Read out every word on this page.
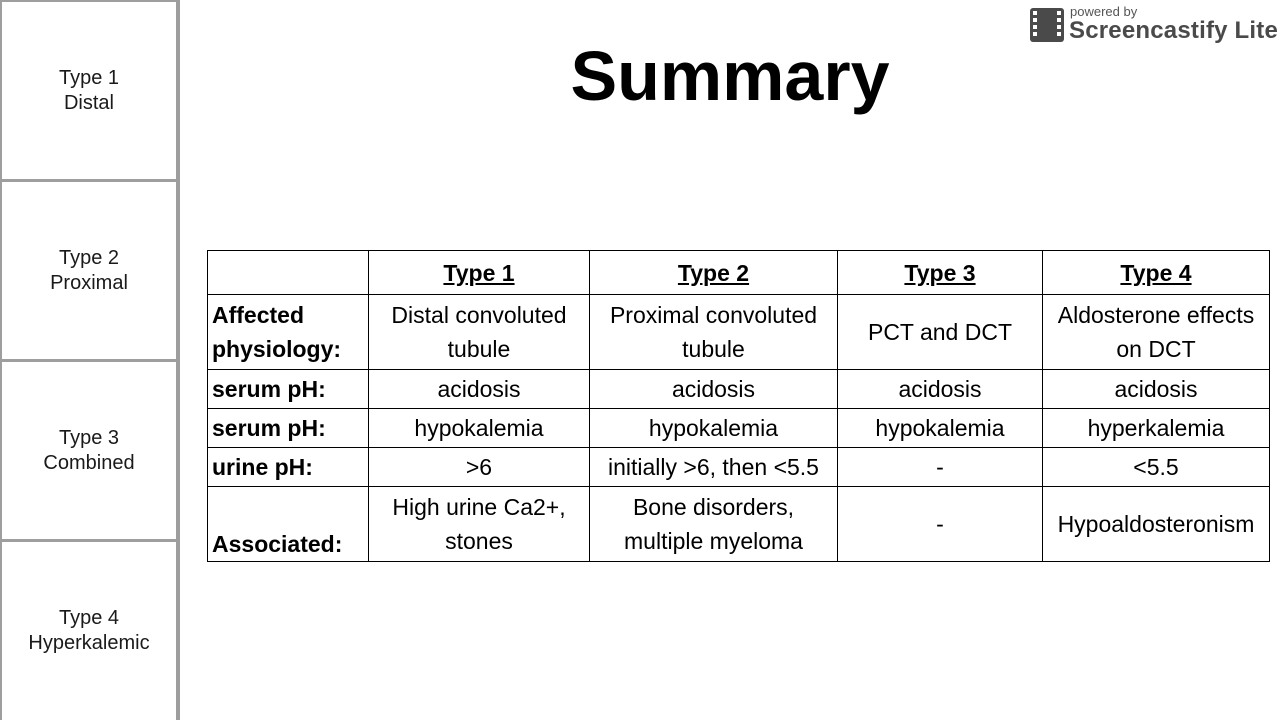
Type 1
Distal
Type 2
Proximal
Type 3
Combined
Type 4
Hyperkalemic
powered by
Screencastify Lite
Summary
	Type 1	Type 2	Type 3	Type 4
Affected physiology:	Distal convoluted tubule	Proximal convoluted tubule	PCT and DCT	Aldosterone effects on DCT
serum pH:	acidosis	acidosis	acidosis	acidosis
serum pH:	hypokalemia	hypokalemia	hypokalemia	hyperkalemia
urine pH:	>6	initially >6, then <5.5	-	<5.5
Associated:	High urine Ca2+, stones	Bone disorders, multiple myeloma	-	Hypoaldosteronism
